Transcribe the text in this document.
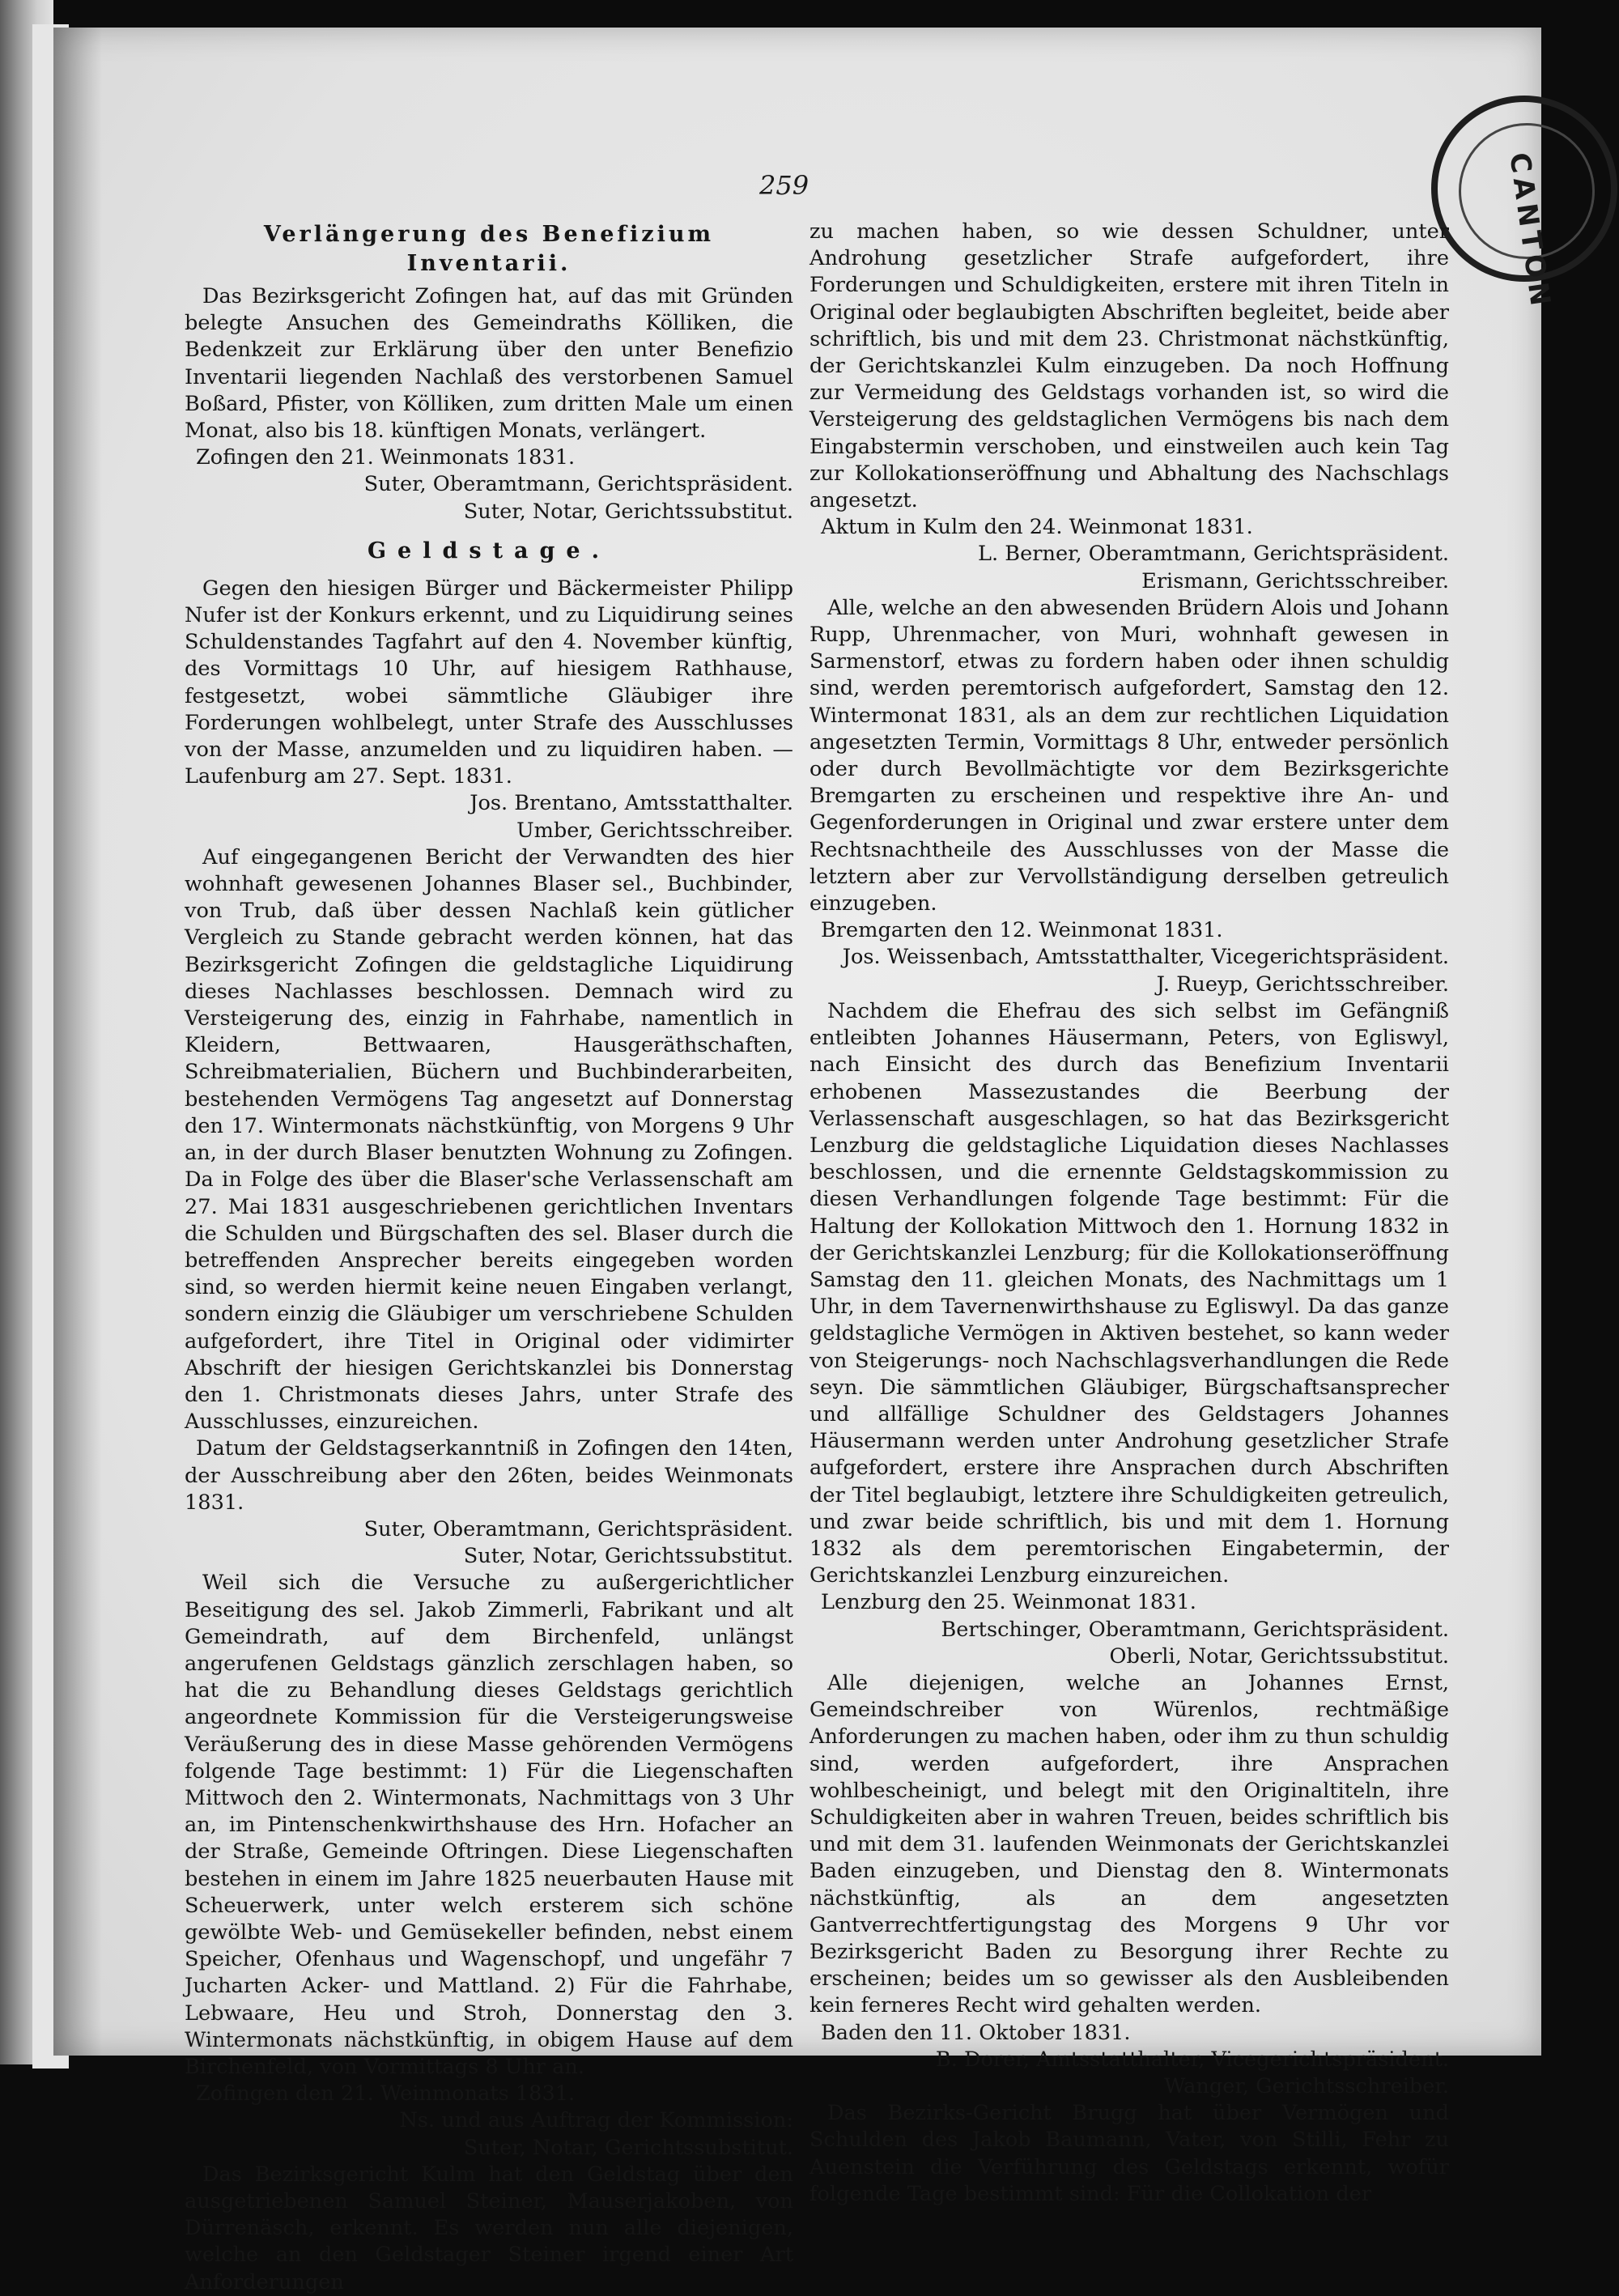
CANTON
259
Verlängerung des Benefizium Inventarii.

Das Bezirksgericht Zofingen hat, auf das mit Gründen belegte Ansuchen des Gemeindraths Kölliken, die Bedenkzeit zur Erklärung über den unter Benefizio Inventarii liegenden Nachlaß des verstorbenen Samuel Boßard, Pfister, von Kölliken, zum dritten Male um einen Monat, also bis 18. künftigen Monats, verlängert.

Zofingen den 21. Weinmonats 1831.

Suter, Oberamtmann, Gerichtspräsident.

Suter, Notar, Gerichtssubstitut.

Geldstage.

Gegen den hiesigen Bürger und Bäckermeister Philipp Nufer ist der Konkurs erkennt, und zu Liquidirung seines Schuldenstandes Tagfahrt auf den 4. November künftig, des Vormittags 10 Uhr, auf hiesigem Rathhause, festgesetzt, wobei sämmtliche Gläubiger ihre Forderungen wohlbelegt, unter Strafe des Ausschlusses von der Masse, anzumelden und zu liquidiren haben. — Laufenburg am 27. Sept. 1831.

Jos. Brentano, Amtsstatthalter.

Umber, Gerichtsschreiber.

Auf eingegangenen Bericht der Verwandten des hier wohnhaft gewesenen Johannes Blaser sel., Buchbinder, von Trub, daß über dessen Nachlaß kein gütlicher Vergleich zu Stande gebracht werden können, hat das Bezirksgericht Zofingen die geldstagliche Liquidirung dieses Nachlasses beschlossen. Demnach wird zu Versteigerung des, einzig in Fahrhabe, namentlich in Kleidern, Bettwaaren, Hausgeräthschaften, Schreibmaterialien, Büchern und Buchbinderarbeiten, bestehenden Vermögens Tag angesetzt auf Donnerstag den 17. Wintermonats nächstkünftig, von Morgens 9 Uhr an, in der durch Blaser benutzten Wohnung zu Zofingen. Da in Folge des über die Blaser'sche Verlassenschaft am 27. Mai 1831 ausgeschriebenen gerichtlichen Inventars die Schulden und Bürgschaften des sel. Blaser durch die betreffenden Ansprecher bereits eingegeben worden sind, so werden hiermit keine neuen Eingaben verlangt, sondern einzig die Gläubiger um verschriebene Schulden aufgefordert, ihre Titel in Original oder vidimirter Abschrift der hiesigen Gerichtskanzlei bis Donnerstag den 1. Christmonats dieses Jahrs, unter Strafe des Ausschlusses, einzureichen.

Datum der Geldstagserkanntniß in Zofingen den 14ten, der Ausschreibung aber den 26ten, beides Weinmonats 1831.

Suter, Oberamtmann, Gerichtspräsident.

Suter, Notar, Gerichtssubstitut.

Weil sich die Versuche zu außergerichtlicher Beseitigung des sel. Jakob Zimmerli, Fabrikant und alt Gemeindrath, auf dem Birchenfeld, unlängst angerufenen Geldstags gänzlich zerschlagen haben, so hat die zu Behandlung dieses Geldstags gerichtlich angeordnete Kommission für die Versteigerungsweise Veräußerung des in diese Masse gehörenden Vermögens folgende Tage bestimmt: 1) Für die Liegenschaften Mittwoch den 2. Wintermonats, Nachmittags von 3 Uhr an, im Pintenschenkwirthshause des Hrn. Hofacher an der Straße, Gemeinde Oftringen. Diese Liegenschaften bestehen in einem im Jahre 1825 neuerbauten Hause mit Scheuerwerk, unter welch ersterem sich schöne gewölbte Web- und Gemüsekeller befinden, nebst einem Speicher, Ofenhaus und Wagenschopf, und ungefähr 7 Jucharten Acker- und Mattland. 2) Für die Fahrhabe, Lebwaare, Heu und Stroh, Donnerstag den 3. Wintermonats nächstkünftig, in obigem Hause auf dem Birchenfeld, von Vormittags 8 Uhr an.

Zofingen den 21. Weinmonats 1831.

Ns. und aus Auftrag der Kommission:

Suter, Notar, Gerichtssubstitut.

Das Bezirksgericht Kulm hat den Geldstag über den ausgetriebenen Samuel Steiner, Mauserjakoben, von Dürrenäsch, erkennt. Es werden nun alle diejenigen, welche an den Geldstager Steiner irgend einer Art Anforderungen

zu machen haben, so wie dessen Schuldner, unter Androhung gesetzlicher Strafe aufgefordert, ihre Forderungen und Schuldigkeiten, erstere mit ihren Titeln in Original oder beglaubigten Abschriften begleitet, beide aber schriftlich, bis und mit dem 23. Christmonat nächstkünftig, der Gerichtskanzlei Kulm einzugeben. Da noch Hoffnung zur Vermeidung des Geldstags vorhanden ist, so wird die Versteigerung des geldstaglichen Vermögens bis nach dem Eingabstermin verschoben, und einstweilen auch kein Tag zur Kollokationseröffnung und Abhaltung des Nachschlags angesetzt.

Aktum in Kulm den 24. Weinmonat 1831.

L. Berner, Oberamtmann, Gerichtspräsident.

Erismann, Gerichtsschreiber.

Alle, welche an den abwesenden Brüdern Alois und Johann Rupp, Uhrenmacher, von Muri, wohnhaft gewesen in Sarmenstorf, etwas zu fordern haben oder ihnen schuldig sind, werden peremtorisch aufgefordert, Samstag den 12. Wintermonat 1831, als an dem zur rechtlichen Liquidation angesetzten Termin, Vormittags 8 Uhr, entweder persönlich oder durch Bevollmächtigte vor dem Bezirksgerichte Bremgarten zu erscheinen und respektive ihre An- und Gegenforderungen in Original und zwar erstere unter dem Rechtsnachtheile des Ausschlusses von der Masse die letztern aber zur Vervollständigung derselben getreulich einzugeben.

Bremgarten den 12. Weinmonat 1831.

Jos. Weissenbach, Amtsstatthalter, Vicegerichtspräsident.

J. Rueyp, Gerichtsschreiber.

Nachdem die Ehefrau des sich selbst im Gefängniß entleibten Johannes Häusermann, Peters, von Egliswyl, nach Einsicht des durch das Benefizium Inventarii erhobenen Massezustandes die Beerbung der Verlassenschaft ausgeschlagen, so hat das Bezirksgericht Lenzburg die geldstagliche Liquidation dieses Nachlasses beschlossen, und die ernennte Geldstagskommission zu diesen Verhandlungen folgende Tage bestimmt: Für die Haltung der Kollokation Mittwoch den 1. Hornung 1832 in der Gerichtskanzlei Lenzburg; für die Kollokationseröffnung Samstag den 11. gleichen Monats, des Nachmittags um 1 Uhr, in dem Tavernenwirthshause zu Egliswyl. Da das ganze geldstagliche Vermögen in Aktiven bestehet, so kann weder von Steigerungs- noch Nachschlagsverhandlungen die Rede seyn. Die sämmtlichen Gläubiger, Bürgschaftsansprecher und allfällige Schuldner des Geldstagers Johannes Häusermann werden unter Androhung gesetzlicher Strafe aufgefordert, erstere ihre Ansprachen durch Abschriften der Titel beglaubigt, letztere ihre Schuldigkeiten getreulich, und zwar beide schriftlich, bis und mit dem 1. Hornung 1832 als dem peremtorischen Eingabetermin, der Gerichtskanzlei Lenzburg einzureichen.

Lenzburg den 25. Weinmonat 1831.

Bertschinger, Oberamtmann, Gerichtspräsident.

Oberli, Notar, Gerichtssubstitut.

Alle diejenigen, welche an Johannes Ernst, Gemeindschreiber von Würenlos, rechtmäßige Anforderungen zu machen haben, oder ihm zu thun schuldig sind, werden aufgefordert, ihre Ansprachen wohlbescheinigt, und belegt mit den Originaltiteln, ihre Schuldigkeiten aber in wahren Treuen, beides schriftlich bis und mit dem 31. laufenden Weinmonats der Gerichtskanzlei Baden einzugeben, und Dienstag den 8. Wintermonats nächstkünftig, als an dem angesetzten Gantverrechtfertigungstag des Morgens 9 Uhr vor Bezirksgericht Baden zu Besorgung ihrer Rechte zu erscheinen; beides um so gewisser als den Ausbleibenden kein ferneres Recht wird gehalten werden.

Baden den 11. Oktober 1831.

B. Dorer, Amtsstatthalter, Vicegerichtspräsident.

Wanger, Gerichtsschreiber.

Das Bezirks-Gericht Brugg hat über Vermögen und Schulden des Jakob Baumann, Vater, von Stilli, Fehr zu Auenstein die Verführung des Geldstags erkennt, wofür folgende Tage bestimmt sind: Für die Collokation der
